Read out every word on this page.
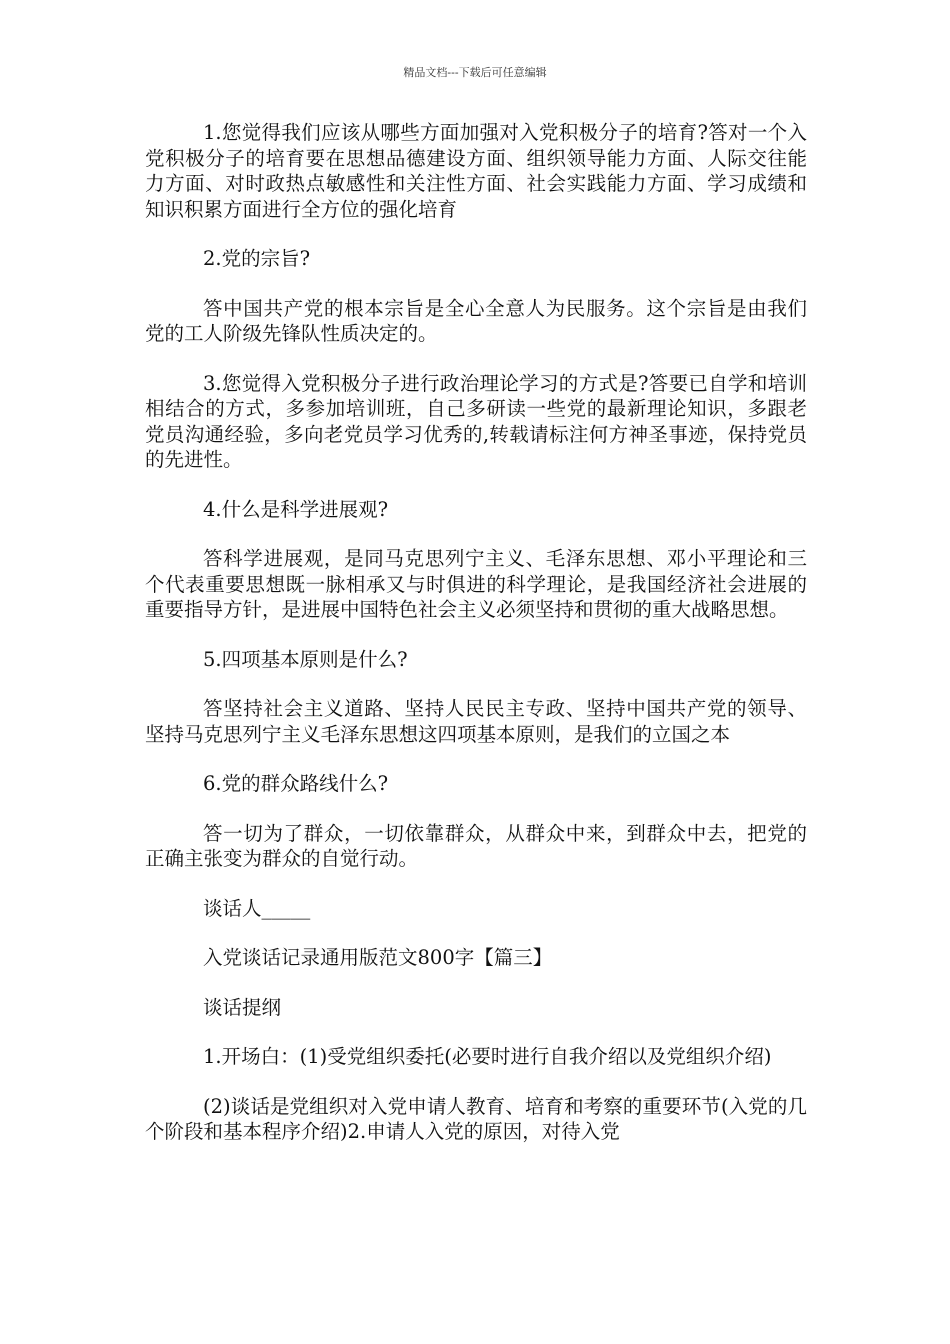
精品文档---下载后可任意编辑

1.您觉得我们应该从哪些方面加强对入党积极分子的培育?答对一个入党积极分子的培育要在思想品德建设方面、组织领导能力方面、人际交往能力方面、对时政热点敏感性和关注性方面、社会实践能力方面、学习成绩和知识积累方面进行全方位的强化培育

2.党的宗旨?

答中国共产党的根本宗旨是全心全意人为民服务。这个宗旨是由我们党的工人阶级先锋队性质决定的。

3.您觉得入党积极分子进行政治理论学习的方式是?答要已自学和培训相结合的方式，多参加培训班，自己多研读一些党的最新理论知识，多跟老党员沟通经验，多向老党员学习优秀的,转载请标注何方神圣事迹，保持党员的先进性。

4.什么是科学进展观?

答科学进展观，是同马克思列宁主义、毛泽东思想、邓小平理论和三个代表重要思想既一脉相承又与时俱进的科学理论，是我国经济社会进展的重要指导方针，是进展中国特色社会主义必须坚持和贯彻的重大战略思想。

5.四项基本原则是什么?

答坚持社会主义道路、坚持人民民主专政、坚持中国共产党的领导、坚持马克思列宁主义毛泽东思想这四项基本原则，是我们的立国之本

6.党的群众路线什么?

答一切为了群众，一切依靠群众，从群众中来，到群众中去，把党的正确主张变为群众的自觉行动。

谈话人_____

入党谈话记录通用版范文800字【篇三】

谈话提纲

1.开场白：(1)受党组织委托(必要时进行自我介绍以及党组织介绍)

(2)谈话是党组织对入党申请人教育、培育和考察的重要环节(入党的几个阶段和基本程序介绍)2.申请人入党的原因，对待入党
